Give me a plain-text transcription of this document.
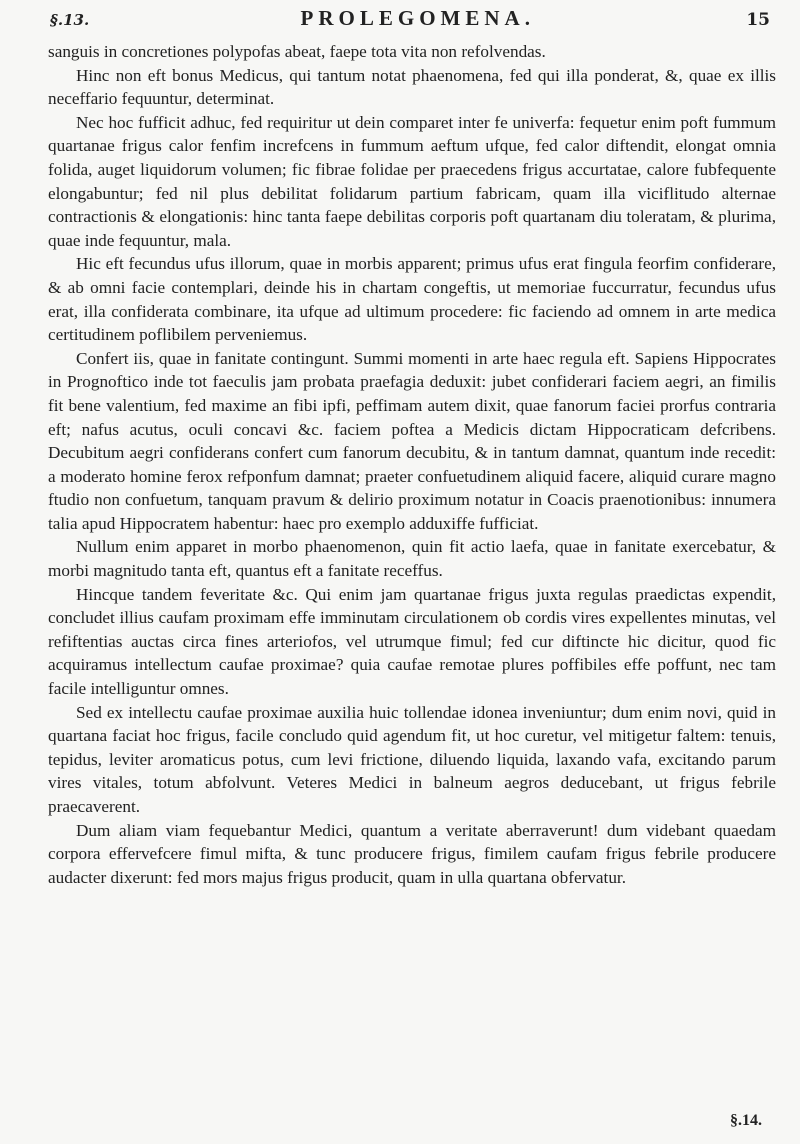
§.13.	PROLEGOMENA.	15

sanguis in concretiones polypofas abeat, faepe tota vita non refolvendas.

Hinc non eft bonus Medicus, qui tantum notat phaenomena, fed qui illa ponderat, &, quae ex illis neceffario fequuntur, determinat.

Nec hoc fufficit adhuc, fed requiritur ut dein comparet inter fe univerfa: fequetur enim poft fummum quartanae frigus calor fenfim increfcens in fummum aeftum ufque, fed calor diftendit, elongat omnia folida, auget liquidorum volumen; fic fibrae folidae per praecedens frigus accurtatae, calore fubfequente elongabuntur; fed nil plus debilitat folidarum partium fabricam, quam illa viciflitudo alternae contractionis & elongationis: hinc tanta faepe debilitas corporis poft quartanam diu toleratam, & plurima, quae inde fequuntur, mala.

Hic eft fecundus ufus illorum, quae in morbis apparent; primus ufus erat fingula feorfim confiderare, & ab omni facie contemplari, deinde his in chartam congeftis, ut memoriae fuccurratur, fecundus ufus erat, illa confiderata combinare, ita ufque ad ultimum procedere: fic faciendo ad omnem in arte medica certitudinem poflibilem perveniemus.

Confert iis, quae in fanitate contingunt. Summi momenti in arte haec regula eft. Sapiens Hippocrates in Prognoftico inde tot faeculis jam probata praefagia deduxit: jubet confiderari faciem aegri, an fimilis fit bene valentium, fed maxime an fibi ipfi, peffimam autem dixit, quae fanorum faciei prorfus contraria eft; nafus acutus, oculi concavi &c. faciem poftea a Medicis dictam Hippocraticam defcribens. Decubitum aegri confiderans confert cum fanorum decubitu, & in tantum damnat, quantum inde recedit: a moderato homine ferox refponfum damnat; praeter confuetudinem aliquid facere, aliquid curare magno ftudio non confuetum, tanquam pravum & delirio proximum notatur in Coacis praenotionibus: innumera talia apud Hippocratem habentur: haec pro exemplo adduxiffe fufficiat.

Nullum enim apparet in morbo phaenomenon, quin fit actio laefa, quae in fanitate exercebatur, & morbi magnitudo tanta eft, quantus eft a fanitate receffus.

Hincque tandem feveritate &c. Qui enim jam quartanae frigus juxta regulas praedictas expendit, concludet illius caufam proximam effe imminutam circulationem ob cordis vires expellentes minutas, vel refiftentias auctas circa fines arteriofos, vel utrumque fimul; fed cur diftincte hic dicitur, quod fic acquiramus intellectum caufae proximae? quia caufae remotae plures poffibiles effe poffunt, nec tam facile intelliguntur omnes.

Sed ex intellectu caufae proximae auxilia huic tollendae idonea inveniuntur; dum enim novi, quid in quartana faciat hoc frigus, facile concludo quid agendum fit, ut hoc curetur, vel mitigetur faltem: tenuis, tepidus, leviter aromaticus potus, cum levi frictione, diluendo liquida, laxando vafa, excitando parum vires vitales, totum abfolvunt. Veteres Medici in balneum aegros deducebant, ut frigus febrile praecaverent.

Dum aliam viam fequebantur Medici, quantum a veritate aberraverunt! dum videbant quaedam corpora effervefcere fimul mifta, & tunc producere frigus, fimilem caufam frigus febrile producere audacter dixerunt: fed mors majus frigus producit, quam in ulla quartana obfervatur.

§.14.
